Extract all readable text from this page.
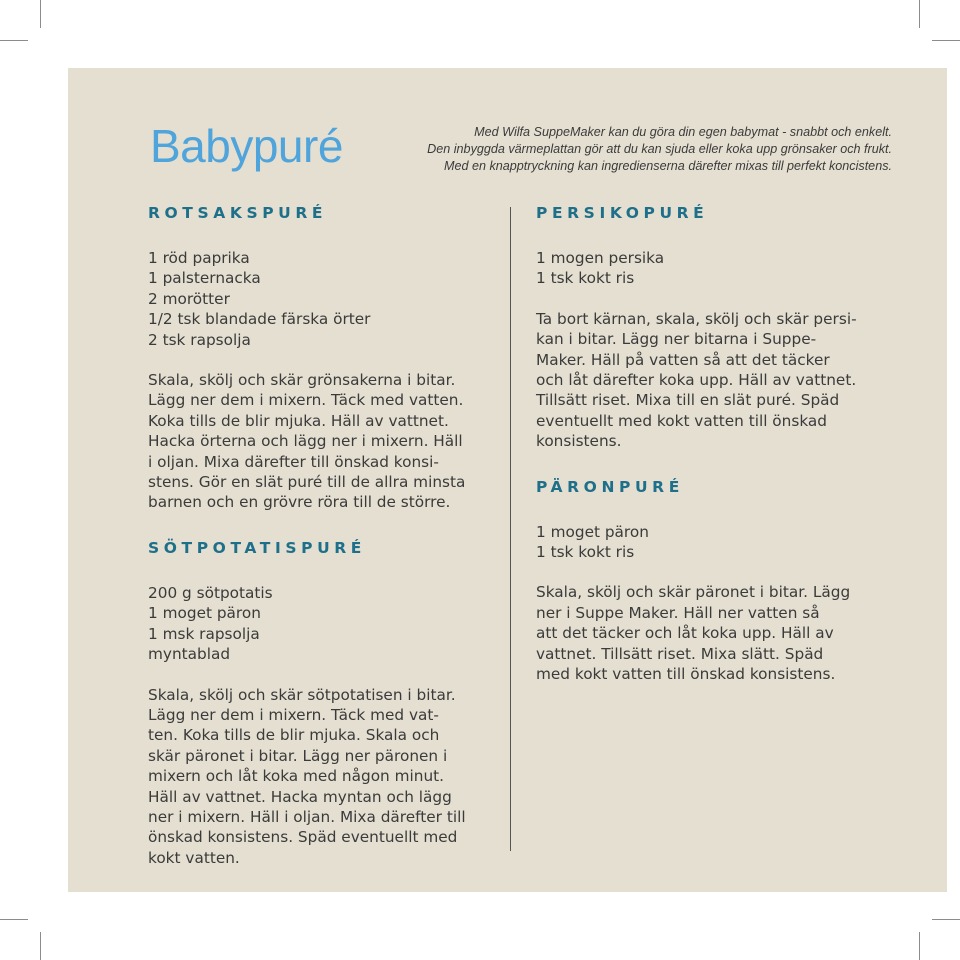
Babypuré	Med Wilfa SuppeMaker kan du göra din egen babymat - snabbt och enkelt.
Den inbyggda värmeplattan gör att du kan sjuda eller koka upp grönsaker och frukt.
Med en knapptryckning kan ingredienserna därefter mixas till perfekt koncistens.
ROTSAKSPURÉ
1 röd paprika
1 palsternacka
2 morötter
1/2 tsk blandade färska örter
2 tsk rapsolja
Skala, skölj och skär grönsakerna i bitar.
Lägg ner dem i mixern. Täck med vatten.
Koka tills de blir mjuka. Häll av vattnet.
Hacka örterna och lägg ner i mixern. Häll
i oljan. Mixa därefter till önskad konsi-
stens. Gör en slät puré till de allra minsta
barnen och en grövre röra till de större.
SÖTPOTATISPURÉ
200 g sötpotatis
1 moget päron
1 msk rapsolja
myntablad
Skala, skölj och skär sötpotatisen i bitar.
Lägg ner dem i mixern. Täck med vat-
ten. Koka tills de blir mjuka. Skala och
skär päronet i bitar. Lägg ner päronen i
mixern och låt koka med någon minut.
Häll av vattnet. Hacka myntan och lägg
ner i mixern. Häll i oljan. Mixa därefter till
önskad konsistens. Späd eventuellt med
kokt vatten.
PERSIKOPURÉ
1 mogen persika
1 tsk kokt ris
Ta bort kärnan, skala, skölj och skär persi-
kan i bitar. Lägg ner bitarna i Suppe-
Maker. Häll på vatten så att det täcker
och låt därefter koka upp. Häll av vattnet.
Tillsätt riset. Mixa till en slät puré. Späd
eventuellt med kokt vatten till önskad
konsistens.
PÄRONPURÉ
1 moget päron
1 tsk kokt ris
Skala, skölj och skär päronet i bitar. Lägg
ner i Suppe Maker. Häll ner vatten så
att det täcker och låt koka upp. Häll av
vattnet. Tillsätt riset. Mixa slätt. Späd
med kokt vatten till önskad konsistens.
